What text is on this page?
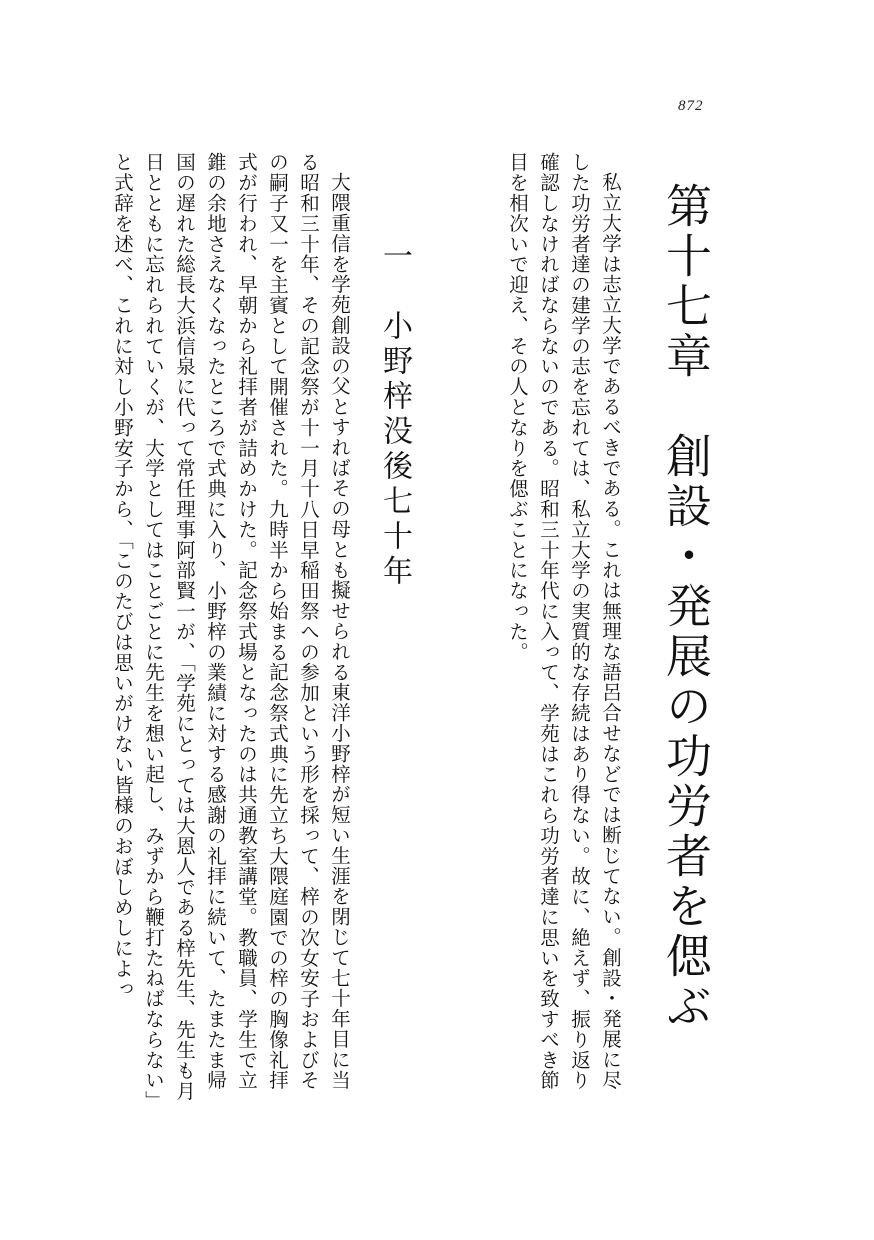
872
第十七章　創設・発展の功労者を偲ぶ

私立大学は志立大学であるべきである。これは無理な語呂合せなどでは断じてない。創設・発展に尽した功労者達の建学の志を忘れては、私立大学の実質的な存続はあり得ない。故に、絶えず、振り返り確認しなければならないのである。昭和三十年代に入って、学苑はこれら功労者達に思いを致すべき節目を相次いで迎え、その人となりを偲ぶことになった。

一　小野梓没後七十年

大隈重信を学苑創設の父とすればその母とも擬せられる東洋小野梓が短い生涯を閉じて七十年目に当る昭和三十年、その記念祭が十一月十八日早稲田祭への参加という形を採って、梓の次女安子およびその嗣子又一を主賓として開催された。九時半から始まる記念祭式典に先立ち大隈庭園での梓の胸像礼拝式が行われ、早朝から礼拝者が詰めかけた。記念祭式場となったのは共通教室講堂。教職員、学生で立錐の余地さえなくなったところで式典に入り、小野梓の業績に対する感謝の礼拝に続いて、たまたま帰国の遅れた総長大浜信泉に代って常任理事阿部賢一が、「学苑にとっては大恩人である梓先生、先生も月日とともに忘れられていくが、大学としてはことごとに先生を想い起し、みずから鞭打たねばならない」と式辞を述べ、これに対し小野安子から、「このたびは思いがけない皆様のおぼしめしによっ
